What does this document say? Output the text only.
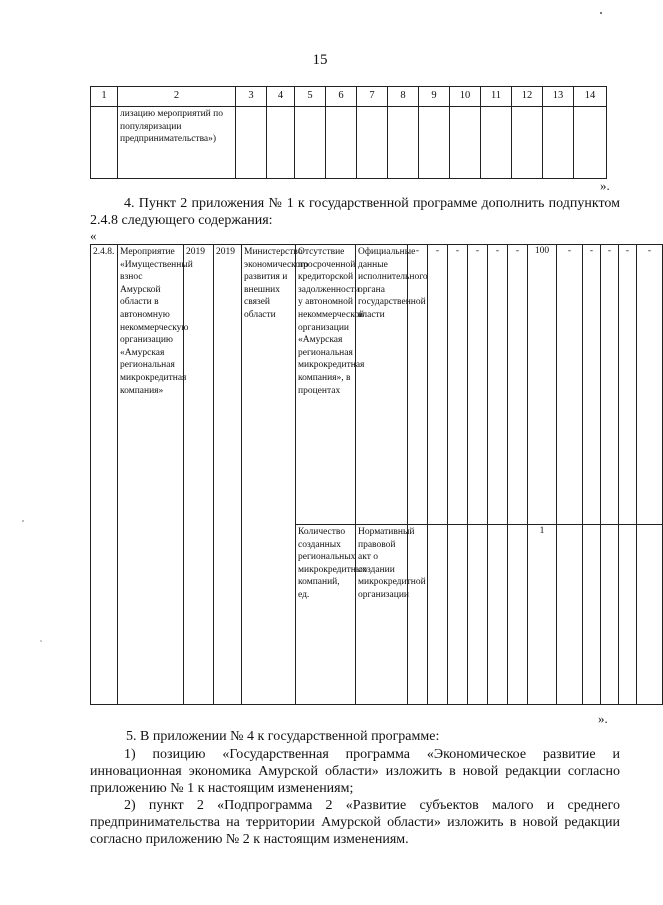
15
1	2	3	4	5	6	7	8	9	10	11	12	13	14

	лизацию мероприятий по популяризации предпринимательства»)												

».
4. Пункт 2 приложения № 1 к государственной программе дополнить подпунктом 2.4.8 следующего содержания:
«
2.4.8.	Мероприятие «Имущественный взнос Амурской области в автономную некоммерческую организацию «Амурская региональная микрокредитная компания»	2019	2019	Министерство экономического развития и внешних связей области	Отсутствие просроченной кредиторской задолженности у автономной некоммерческой организации «Амурская региональная микрокредитная компания», в процентах	Официальные данные исполнительного органа государственной власти	-	-	-	-	-	-	100	-	-	-	-	-

					Количество созданных региональных микрокредитных компаний, ед.	Нормативный правовой акт о создании микрокредитной организации							1					
».
5. В приложении № 4 к государственной программе:
1) позицию «Государственная программа «Экономическое развитие и инновационная экономика Амурской области» изложить в новой редакции согласно приложению № 1 к настоящим изменениям;
2) пункт 2 «Подпрограмма 2 «Развитие субъектов малого и среднего предпринимательства на территории Амурской области» изложить в новой редакции согласно приложению № 2 к настоящим изменениям.
